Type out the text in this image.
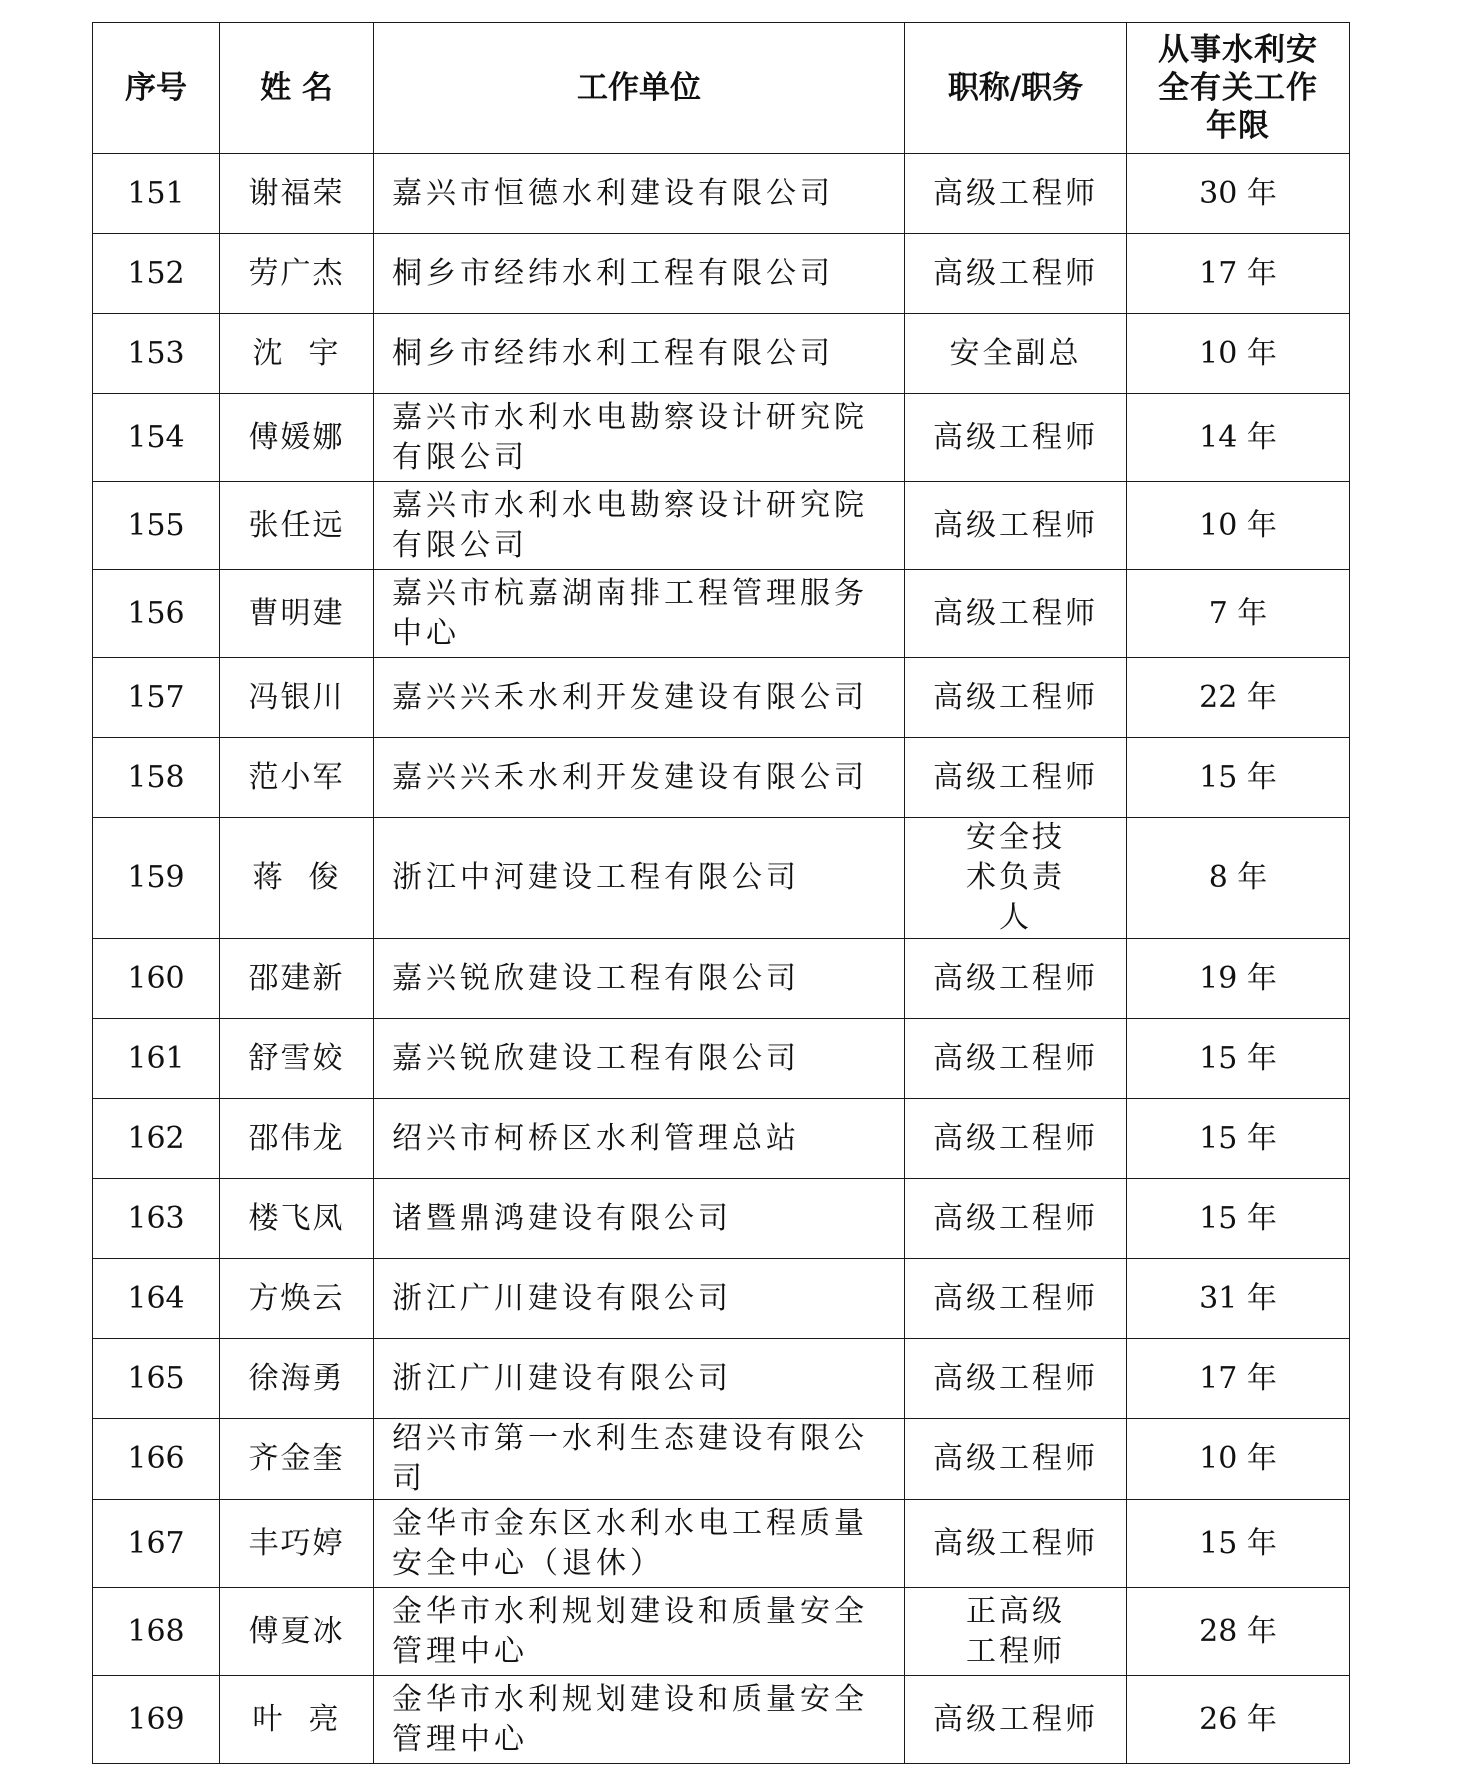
序号	姓 名	工作单位	职称/职务	从事水利安全有关工作年限
151	谢福荣	嘉兴市恒德水利建设有限公司	高级工程师	30 年
152	劳广杰	桐乡市经纬水利工程有限公司	高级工程师	17 年
153	沈 宇	桐乡市经纬水利工程有限公司	安全副总	10 年
154	傅媛娜	嘉兴市水利水电勘察设计研究院有限公司	高级工程师	14 年
155	张任远	嘉兴市水利水电勘察设计研究院有限公司	高级工程师	10 年
156	曹明建	嘉兴市杭嘉湖南排工程管理服务中心	高级工程师	7 年
157	冯银川	嘉兴兴禾水利开发建设有限公司	高级工程师	22 年
158	范小军	嘉兴兴禾水利开发建设有限公司	高级工程师	15 年
159	蒋 俊	浙江中河建设工程有限公司	安全技术负责人	8 年
160	邵建新	嘉兴锐欣建设工程有限公司	高级工程师	19 年
161	舒雪姣	嘉兴锐欣建设工程有限公司	高级工程师	15 年
162	邵伟龙	绍兴市柯桥区水利管理总站	高级工程师	15 年
163	楼飞凤	诸暨鼎鸿建设有限公司	高级工程师	15 年
164	方焕云	浙江广川建设有限公司	高级工程师	31 年
165	徐海勇	浙江广川建设有限公司	高级工程师	17 年
166	齐金奎	绍兴市第一水利生态建设有限公司	高级工程师	10 年
167	丰巧婷	金华市金东区水利水电工程质量安全中心（退休）	高级工程师	15 年
168	傅夏冰	金华市水利规划建设和质量安全管理中心	正高级工程师	28 年
169	叶 亮	金华市水利规划建设和质量安全管理中心	高级工程师	26 年
